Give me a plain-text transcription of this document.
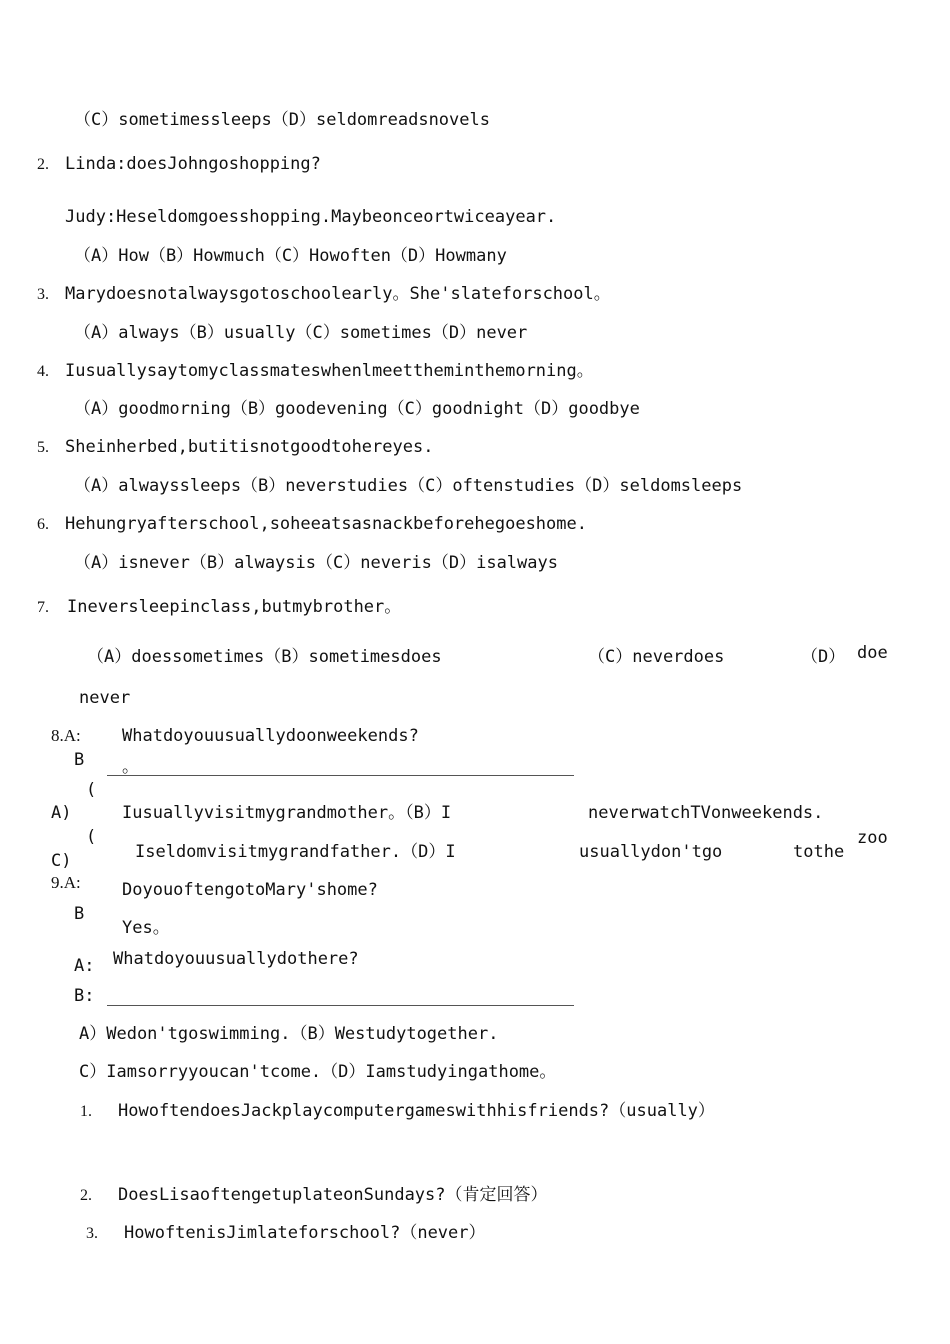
（C）sometimessleeps（D）seldomreadsnovels
2. Linda:doesJohngoshopping?
Judy:Heseldomgoesshopping.Maybeonceortwiceayear.
（A）How（B）Howmuch（C）Howoften（D）Howmany
3. Marydoesnotalwaysgotoschoolearly。She'slateforschool。
（A）always（B）usually（C）sometimes（D）never
4. Iusuallysaytomyclassmateswhenlmeettheminthemorning。
（A）goodmorning（B）goodevening（C）goodnight（D）goodbye
5. Sheinherbed,butitisnotgoodtohereyes.
（A）alwayssleeps（B）neverstudies（C）oftenstudies（D）seldomsleeps
6. Hehungryafterschool,soheeatsasnackbeforehegoeshome.
（A）isnever（B）alwaysis（C）neveris（D）isalways
7. Ineversleepinclass,butmybrother。
（A）doessometimes（B）sometimesdoes	（C）neverdoes	（D） doe
never
8.A: Whatdoyouusuallydoonweekends?
B 。
(
A)	Iusuallyvisitmygrandmother。（B）I	neverwatchTVonweekends.
(
C)	Iseldomvisitmygrandfather.（D）I	usuallydon'tgo	tothe
zoo
9.A: DoyouoftengotoMary'shome?
B
Yes。
A: Whatdoyouusuallydothere?
B:
A）Wedon'tgoswimming.（B）Westudytogether.
C）Iamsorryyoucan'tcome.（D）Iamstudyingathome。
1. HowoftendoesJackplaycomputergameswithhisfriends?（usually）
2. DoesLisaoftengetuplateonSundays?（肯定回答）
3. HowoftenisJimlateforschool?（never）
